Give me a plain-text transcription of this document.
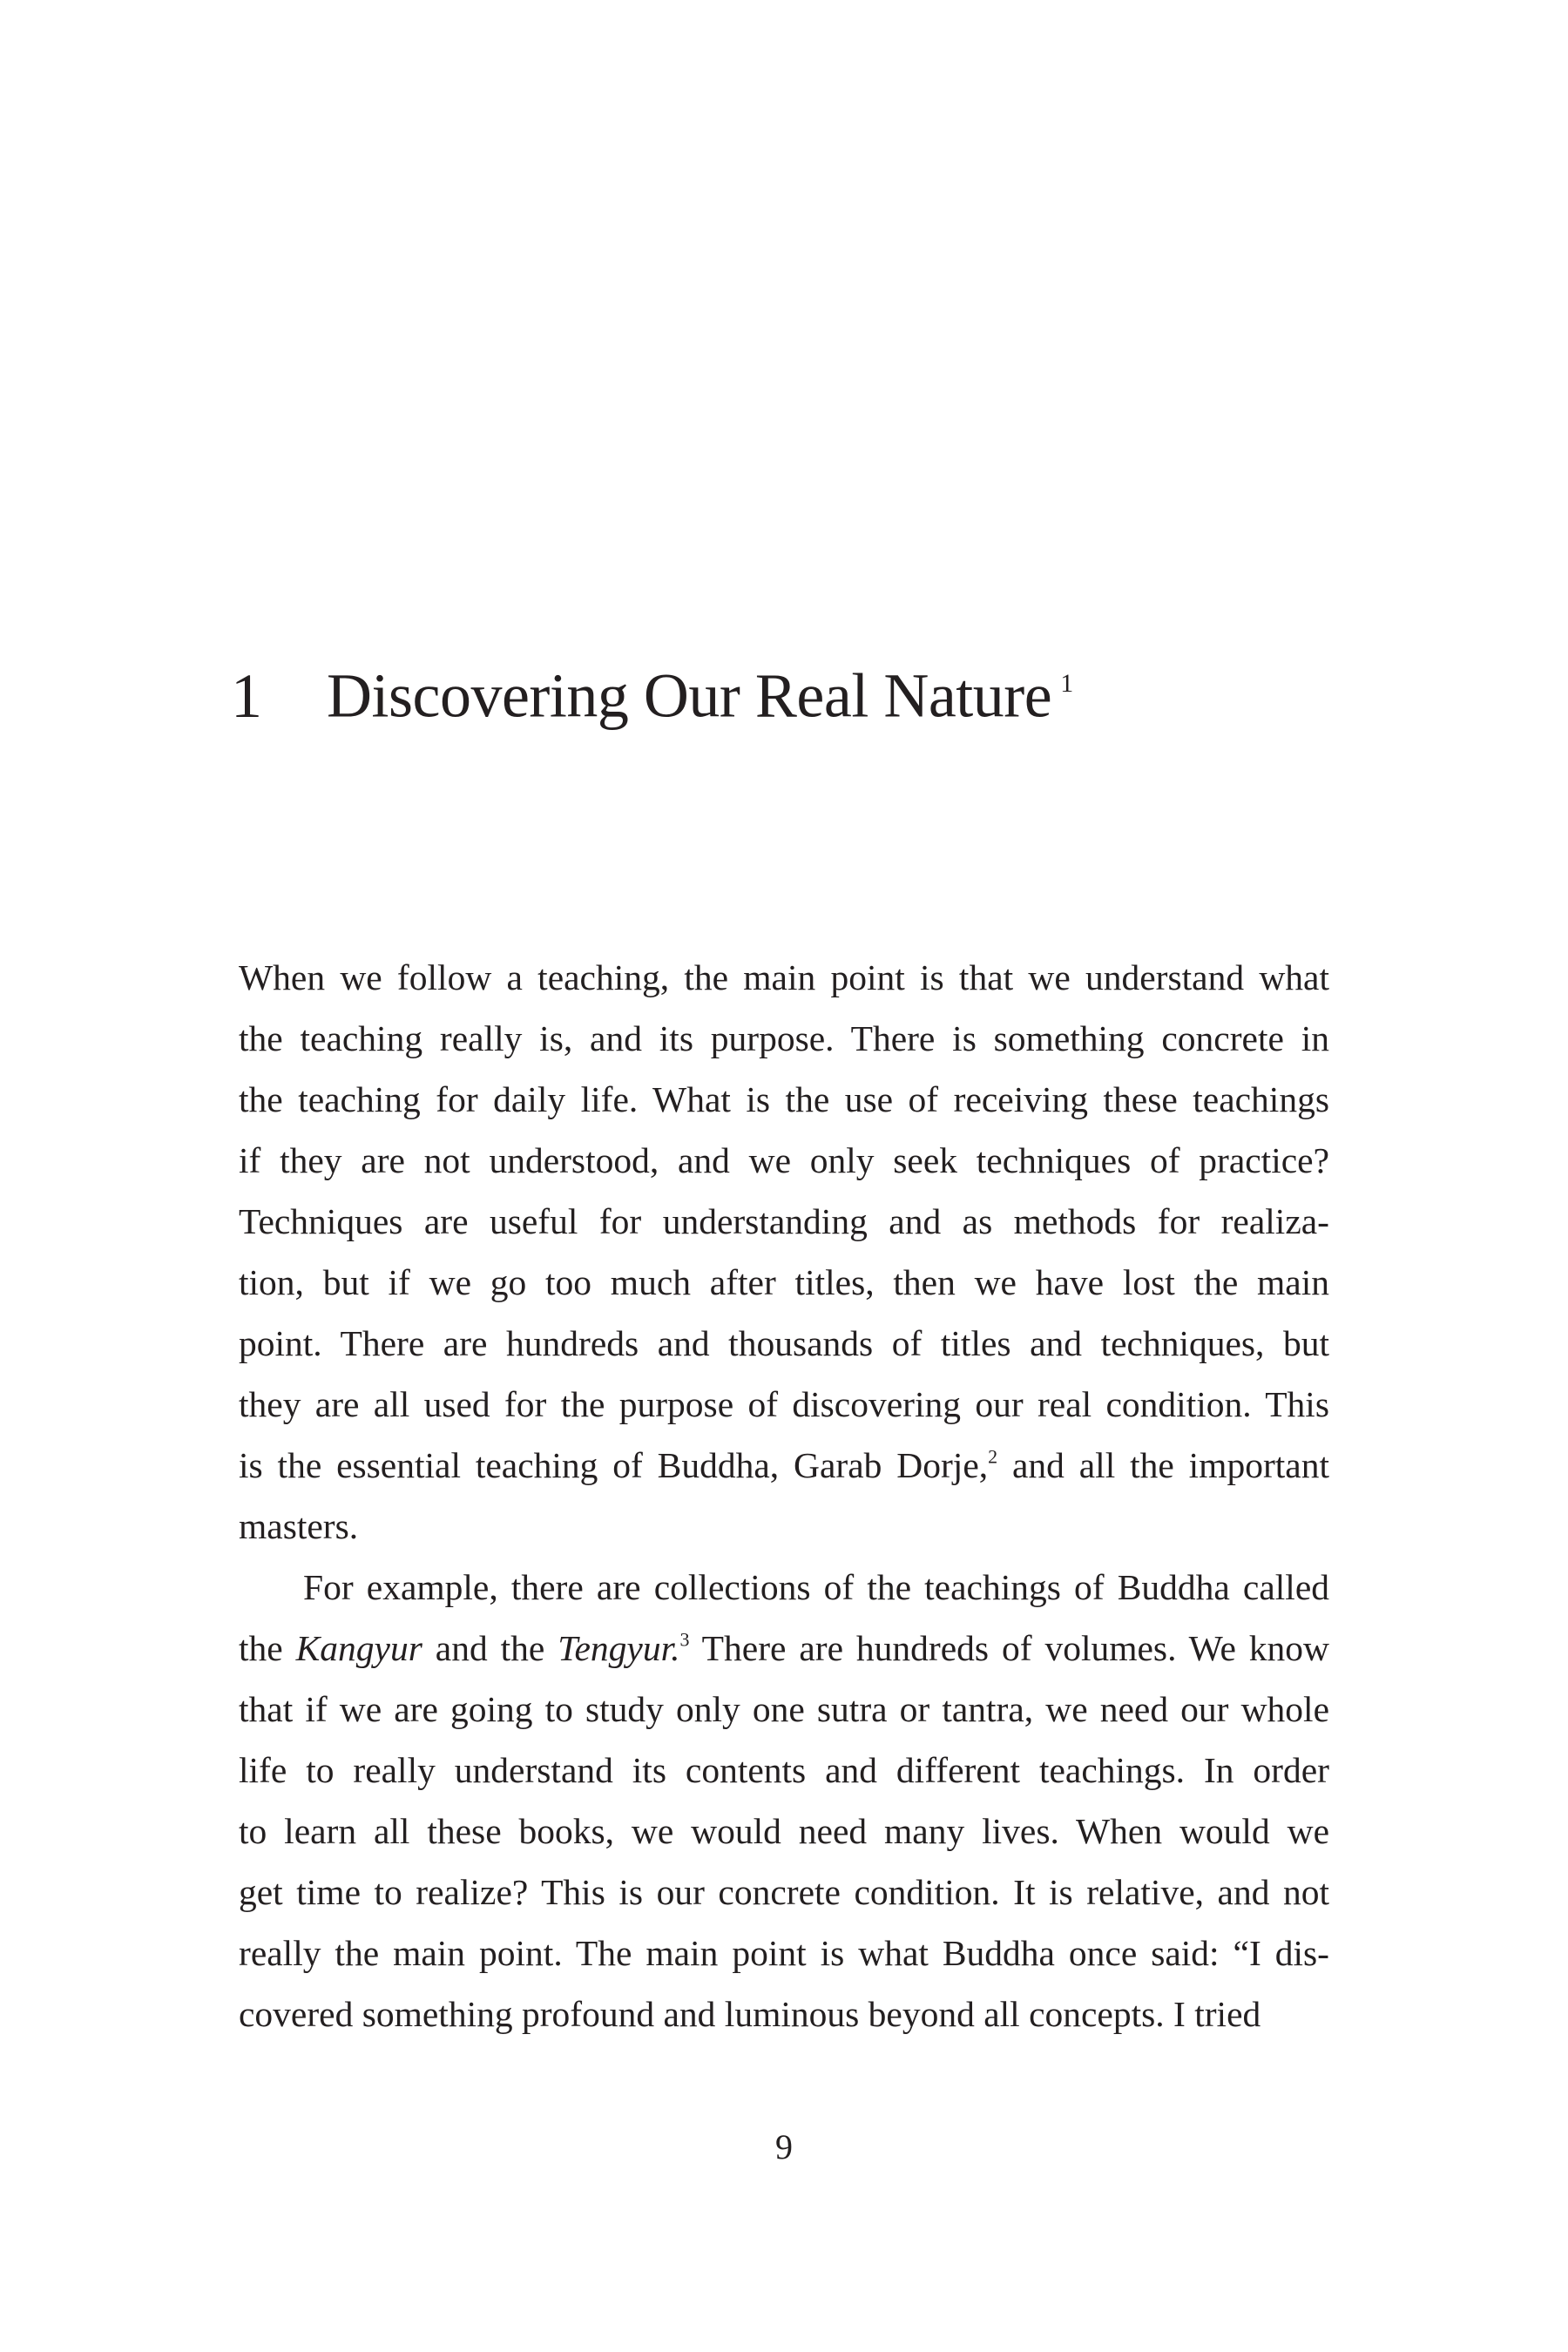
1 Discovering Our Real Nature $^1$
When we follow a teaching, the main point is that we understand what
the teaching really is, and its purpose. There is something concrete in
the teaching for daily life. What is the use of receiving these teachings
if they are not understood, and we only seek techniques of practice?
Techniques are useful for understanding and as methods for realiza-
tion, but if we go too much after titles, then we have lost the main
point. There are hundreds and thousands of titles and techniques, but
they are all used for the purpose of discovering our real condition. This
is the essential teaching of Buddha, Garab Dorje,$^2$ and all the important
masters.
For example, there are collections of the teachings of Buddha called
the Kangyur and the Tengyur.$^3$ There are hundreds of volumes. We know
that if we are going to study only one sutra or tantra, we need our whole
life to really understand its contents and different teachings. In order
to learn all these books, we would need many lives. When would we
get time to realize? This is our concrete condition. It is relative, and not
really the main point. The main point is what Buddha once said: “I dis-
covered something profound and luminous beyond all concepts. I tried
9
